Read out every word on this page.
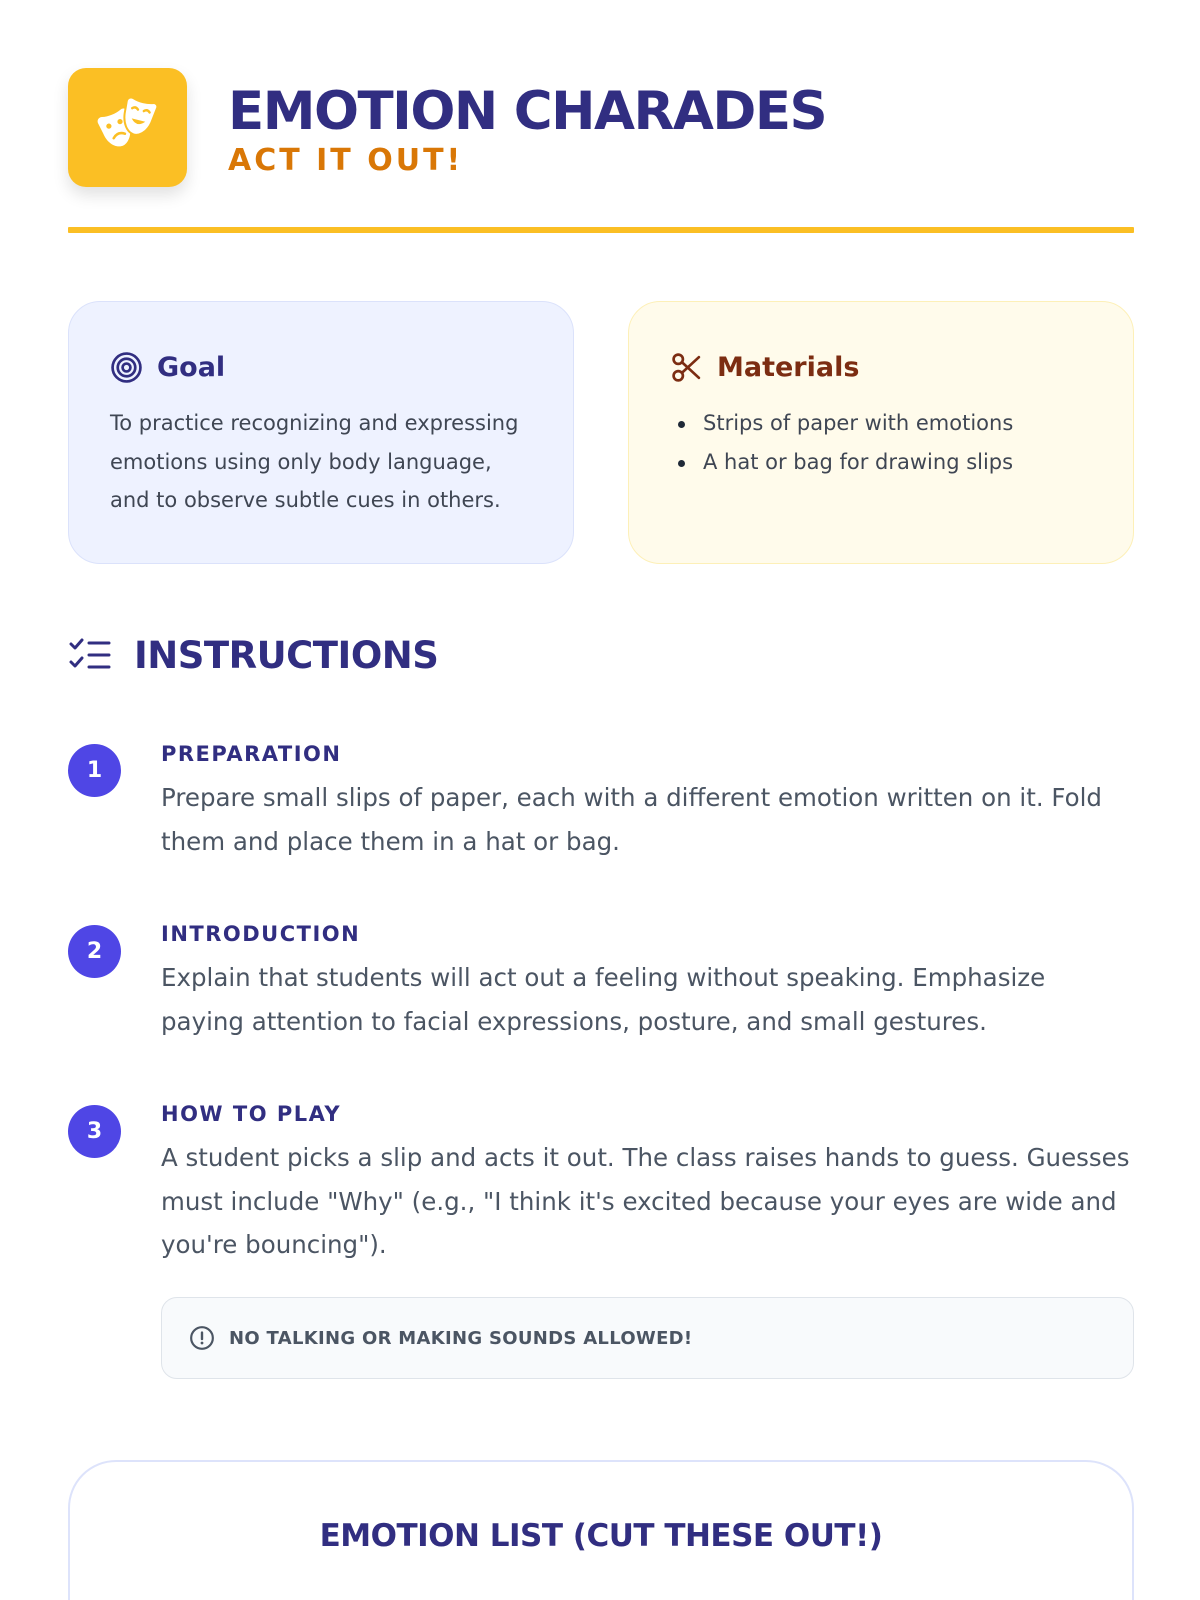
EMOTION CHARADES
ACT IT OUT!
Goal

To practice recognizing and expressing emotions using only body language, and to observe subtle cues in others.

Materials
Strips of paper with emotions
A hat or bag for drawing slips
INSTRUCTIONS
1
PREPARATION

Prepare small slips of paper, each with a different emotion written on it. Fold them and place them in a hat or bag.

2
INTRODUCTION

Explain that students will act out a feeling without speaking. Emphasize paying attention to facial expressions, posture, and small gestures.

3
HOW TO PLAY

A student picks a slip and acts it out. The class raises hands to guess. Guesses must include "Why" (e.g., "I think it's excited because your eyes are wide and you're bouncing").

NO TALKING OR MAKING SOUNDS ALLOWED!
EMOTION LIST (CUT THESE OUT!)
